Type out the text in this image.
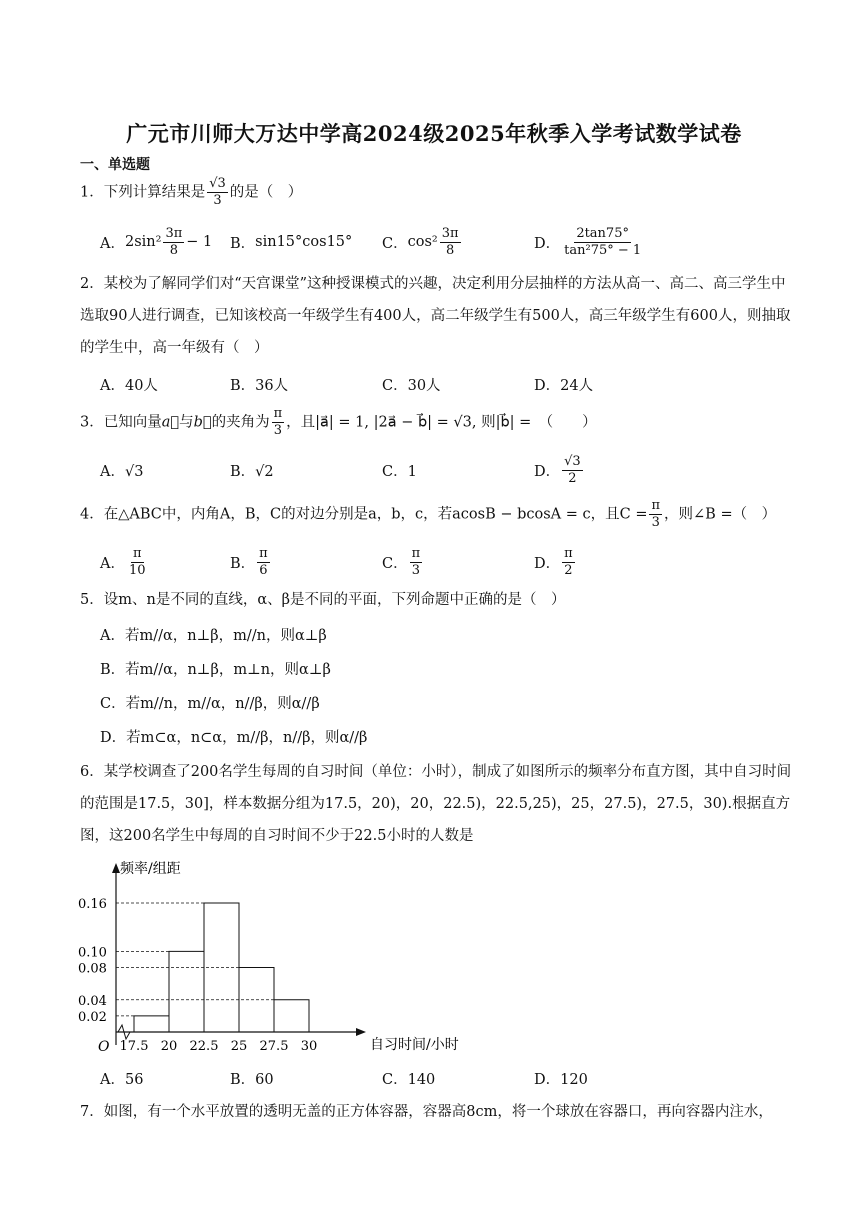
广元市川师大万达中学高2024级2025年秋季入学考试数学试卷
一、单选题
1．下列计算结果是 $\frac{√3}{3}$ 的是（　）
A． $2\sin^2 \frac{3\pi}{8} - 1$ B． sin15°cos15° C． $\cos^2 \frac{3\pi}{8}$	D． $\frac{2\tan 75^\circ}{\text{tan²75° − 1}}$
2．某校为了解同学们对“天宫课堂”这种授课模式的兴趣，决定利用分层抽样的方法从高一、高二、高三学生中选取90人进行调查，已知该校高一年级学生有400人，高二年级学生有500人，高三年级学生有600人，则抽取的学生中，高一年级有（　）
A．40人	B．36人	C．30人	D．24人
3．已知向量a⃗与b⃗的夹角为 $\frac{\pi}{3}$ ，且|a⃗| = 1, |2a⃗ − b⃗| = √3, 则|b⃗| =　（　　）
A．√3	B．√2	C．1	D． $\frac{√3}{2}$
4．在△ABC中，内角A，B，C的对边分别是a，b，c，若acosB − bcosA = c，且$C = \frac{\pi}{3}$ ，则∠B =（　）
A． $\frac{\pi}{10}$	B． $\frac{\pi}{6}$	C． $\frac{\pi}{3}$	D． $\frac{\pi}{2}$
5．设m、n是不同的直线，α、β是不同的平面，下列命题中正确的是（　）
A．若m//α，n⊥β，m//n，则α⊥β
B．若m//α，n⊥β，m⊥n，则α⊥β
C．若m//n，m//α，n//β，则α//β
D．若m⊂α，n⊂α，m//β，n//β，则α//β
6．某学校调查了200名学生每周的自习时间（单位：小时），制成了如图所示的频率分布直方图，其中自习时间的范围是17.5，30]，样本数据分组为17.5，20)，20，22.5)，22.5,25)，25，27.5)，27.5，30).根据直方图，这200名学生中每周的自习时间不少于22.5小时的人数是
0.02
0.04
0.08
0.10
0.16
17.5 20 22.5 25 27.5 30
频率/组距
自习时间/小时
O
A．56	B．60	C．140	D．120
7．如图，有一个水平放置的透明无盖的正方体容器，容器高8cm，将一个球放在容器口，再向容器内注水，
